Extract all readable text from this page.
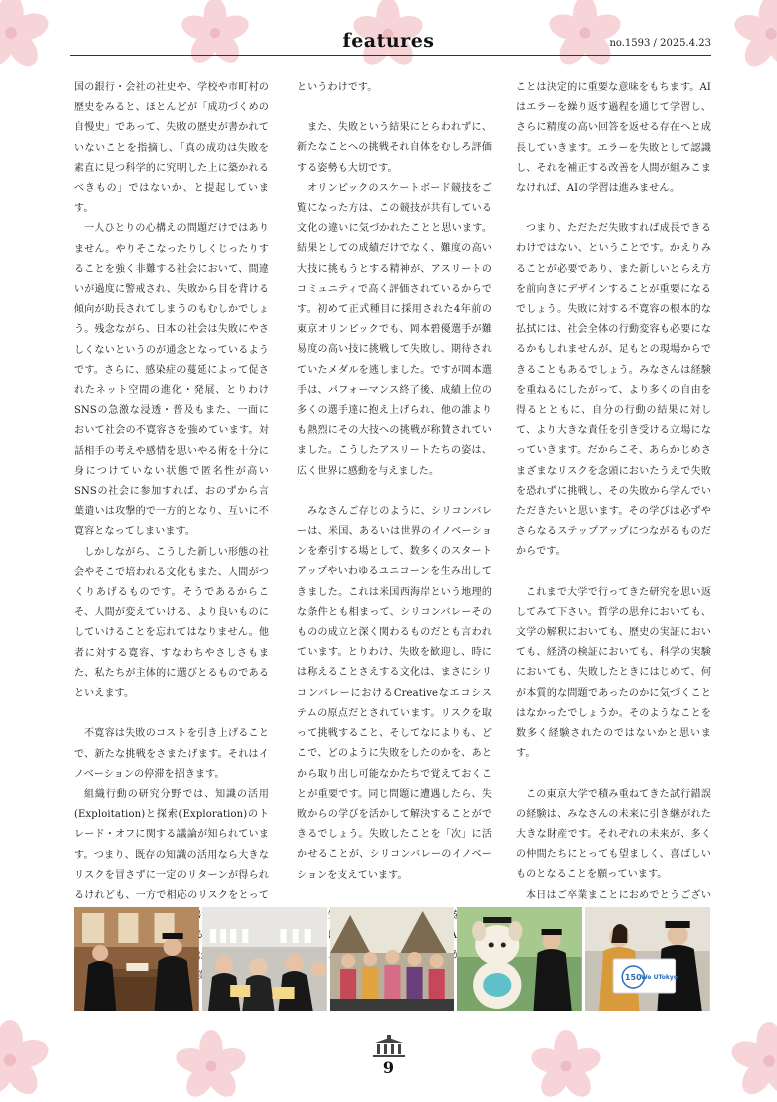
features	no.1593 / 2025.4.23

国の銀行・会社の社史や、学校や市町村の歴史をみると、ほとんどが「成功づくめの自慢史」であって、失敗の歴史が書かれていないことを指摘し、「真の成功は失敗を素直に見つ科学的に究明した上に築かれるべきもの」ではないか、と提起しています。

一人ひとりの心構えの問題だけではありません。やりそこなったりしくじったりすることを強く非難する社会において、間違いが過度に警戒され、失敗から目を背ける傾向が助長されてしまうのもむしかでしょう。残念ながら、日本の社会は失敗にやさしくないというのが通念となっているようです。さらに、感染症の蔓延によって促されたネット空間の進化・発展、とりわけSNSの急激な浸透・普及もまた、一面において社会の不寛容さを強めています。対話相手の考えや感情を思いやる術を十分に身につけていない状態で匿名性が高いSNSの社会に参加すれば、おのずから言葉遣いは攻撃的で一方的となり、互いに不寛容となってしまいます。

しかしながら、こうした新しい形態の社会やそこで培われる文化もまた、人間がつくりあげるものです。そうであるからこそ、人間が変えていける、より良いものにしていけることを忘れてはなりません。他者に対する寛容、すなわちやさしさもまた、私たちが主体的に選びとるものであるといえます。

不寛容は失敗のコストを引き上げることで、新たな挑戦をさまたげます。それはイノベーションの停滞を招きます。

組織行動の研究分野では、知識の活用(Exploitation)と探索(Exploration)のトレード・オフに関する議論が知られています。つまり、既存の知識の活用なら大きなリスクを冒さずに一定のリターンが得られるけれども、一方で相応のリスクをとって る

というわけです。

また、失敗という結果にとらわれずに、新たなことへの挑戦それ自体をむしろ評価する姿勢も大切です。

オリンピックのスケートボード競技をご覧になった方は、この競技が共有している文化の違いに気づかれたことと思います。結果としての成績だけでなく、難度の高い大技に挑もうとする精神が、アスリートのコミュニティで高く評価されているからです。初めて正式種目に採用された4年前の東京オリンピックでも、岡本碧優選手が難易度の高い技に挑戦して失敗し、期待されていたメダルを逃しました。ですが岡本選手は、パフォーマンス終了後、成績上位の多くの選手達に抱え上げられ、他の誰よりも熱烈にその大技への挑戦が称賛されていました。こうしたアスリートたちの姿は、広く世界に感動を与えました。

みなさんご存じのように、シリコンバレーは、米国、あるいは世界のイノベーションを牽引する場として、数多くのスタートアップやいわゆるユニコーンを生み出してきました。これは米国西海岸という地理的な条件とも相まって、シリコンバレーそのものの成立と深く関わるものだとも言われています。とりわけ、失敗を歓迎し、時には称えることさえする文化は、まさにシリコンバレーにおけるCreativeなエコシステムの原点だとされています。リスクを取って挑戦すること、そしてなによりも、どこで、どのように失敗をしたのかを、あとから取り出し可能なかたちで覚えておくことが重要です。同じ問題に遭遇したら、失敗からの学びを活かして解決することができるでしょう。失敗したことを「次」に活かせることが、シリコンバレーのイノベーションを支えています。

ことは決定的に重要な意味をもちます。AIはエラーを繰り返す過程を通じて学習し、さらに精度の高い回答を返せる存在へと成長していきます。エラーを失敗として認識し、それを補正する改善を人間が組みこまなければ、AIの学習は進みません。

つまり、ただただ失敗すれば成長できるわけではない、ということです。かえりみることが必要であり、また新しいとらえ方を前向きにデザインすることが重要になるでしょう。失敗に対する不寛容の根本的な払拭には、社会全体の行動変容も必要になるかもしれませんが、足もとの現場からできることもあるでしょう。みなさんは経験を重ねるにしたがって、より多くの自由を得るとともに、自分の行動の結果に対して、より大きな責任を引き受ける立場になっていきます。だからこそ、あらかじめさまざまなリスクを念頭においたうえで失敗を恐れずに挑戦し、その失敗から学んでいただきたいと思います。その学びは必ずやさらなるステップアップにつながるものだからです。

これまで大学で行ってきた研究を思い返してみて下さい。哲学の思弁においても、文学の解釈においても、歴史の実証においても、経済の検証においても、科学の実験においても、失敗したときにはじめて、何が本質的な問題であったのかに気づくことはなかったでしょうか。そのようなことを数多く経験されたのではないかと思います。

この東京大学で積み重ねてきた試行錯誤の経験は、みなさんの未来に引き継がれた大きな財産です。それぞれの未来が、多くの仲間たちにとっても望ましく、喜ばしいものとなることを願っています。

本日はご卒業まことにおめでとうござい

150 We UTokyo
9
